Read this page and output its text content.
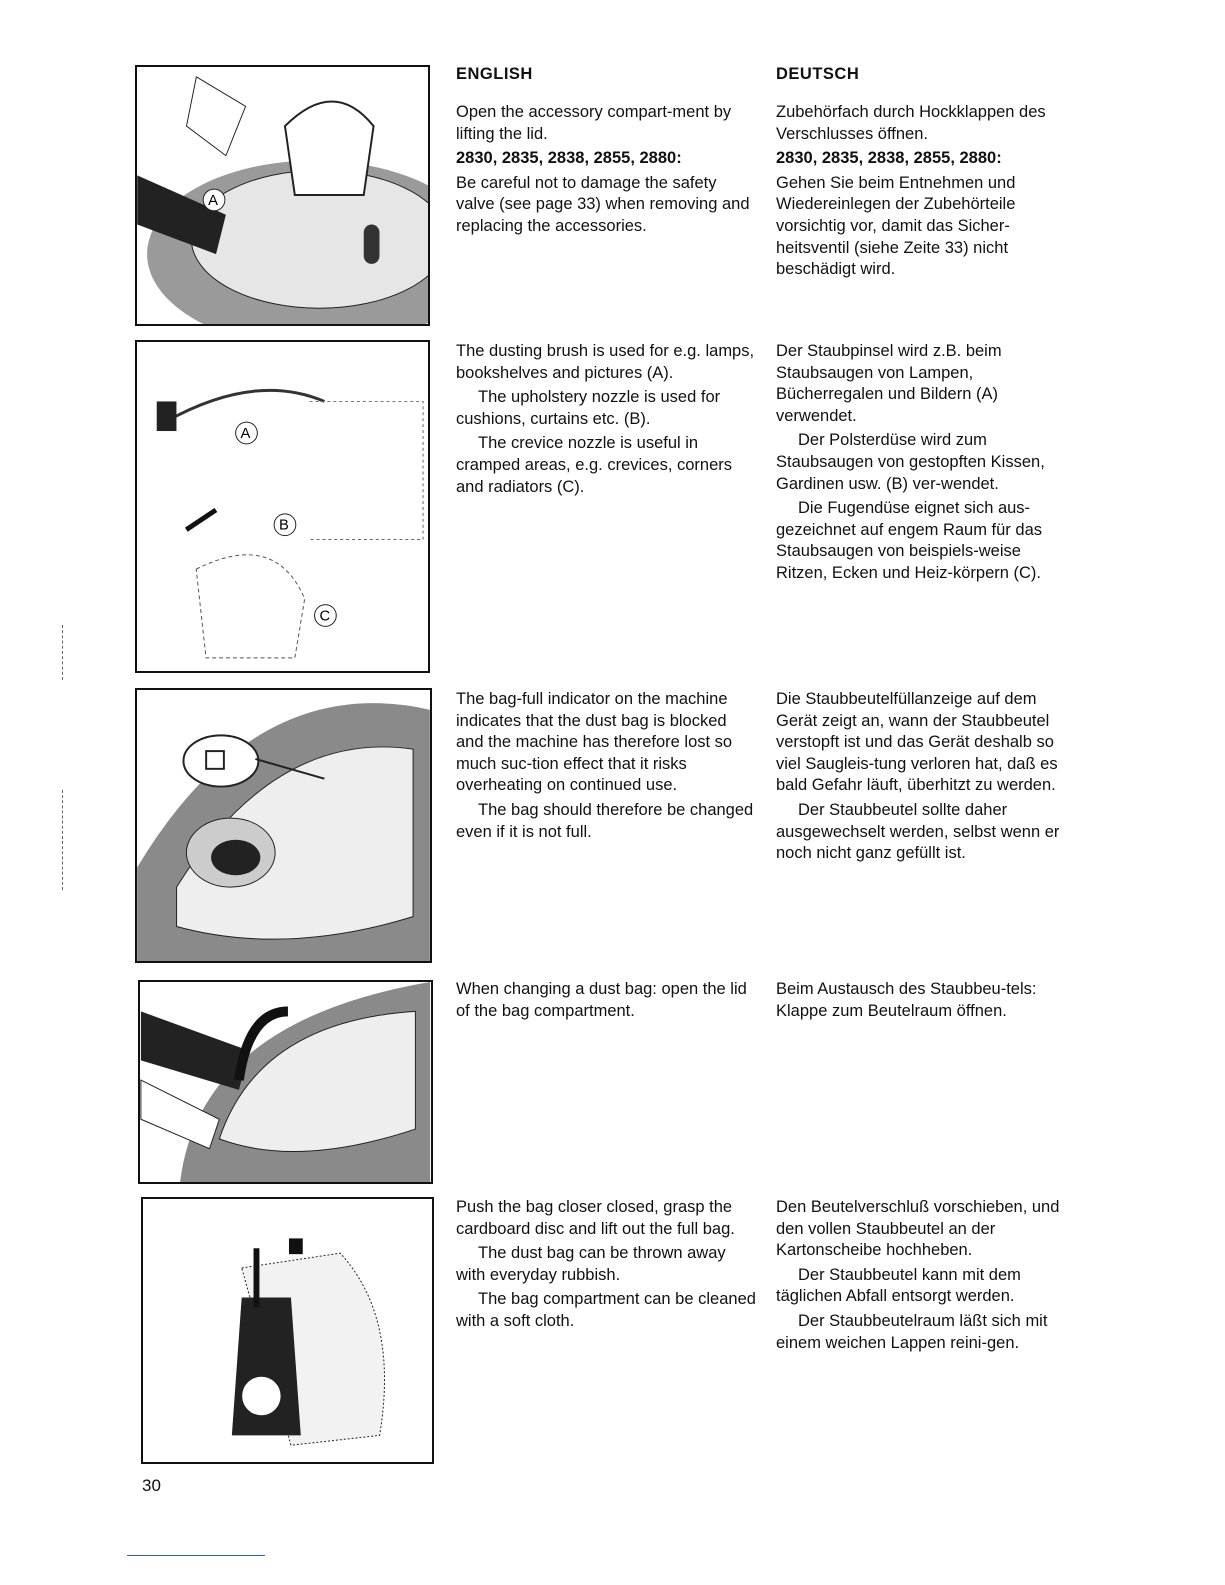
A
A
B
C
ENGLISH	DEUTSCH

Open the accessory compart-ment by lifting the lid.

2830, 2835, 2838, 2855, 2880:

Be careful not to damage the safety valve (see page 33) when removing and replacing the accessories.

Zubehörfach durch Hockklappen des Verschlusses öffnen.

2830, 2835, 2838, 2855, 2880:

Gehen Sie beim Entnehmen und Wiedereinlegen der Zubehörteile vorsichtig vor, damit das Sicher-heitsventil (siehe Zeite 33) nicht beschädigt wird.

The dusting brush is used for e.g. lamps, bookshelves and pictures (A).

The upholstery nozzle is used for cushions, curtains etc. (B).

The crevice nozzle is useful in cramped areas, e.g. crevices, corners and radiators (C).

Der Staubpinsel wird z.B. beim Staubsaugen von Lampen, Bücherregalen und Bildern (A) verwendet.

Der Polsterdüse wird zum Staubsaugen von gestopften Kissen, Gardinen usw. (B) ver-wendet.

Die Fugendüse eignet sich aus-gezeichnet auf engem Raum für das Staubsaugen von beispiels-weise Ritzen, Ecken und Heiz-körpern (C).

The bag-full indicator on the machine indicates that the dust bag is blocked and the machine has therefore lost so much suc-tion effect that it risks overheating on continued use.

The bag should therefore be changed even if it is not full.

Die Staubbeutelfüllanzeige auf dem Gerät zeigt an, wann der Staubbeutel verstopft ist und das Gerät deshalb so viel Saugleis-tung verloren hat, daß es bald Gefahr läuft, überhitzt zu werden.

Der Staubbeutel sollte daher ausgewechselt werden, selbst wenn er noch nicht ganz gefüllt ist.

When changing a dust bag: open the lid of the bag compartment.

Beim Austausch des Staubbeu-tels: Klappe zum Beutelraum öffnen.

Push the bag closer closed, grasp the cardboard disc and lift out the full bag.

The dust bag can be thrown away with everyday rubbish.

The bag compartment can be cleaned with a soft cloth.

Den Beutelverschluß vorschieben, und den vollen Staubbeutel an der Kartonscheibe hochheben.

Der Staubbeutel kann mit dem täglichen Abfall entsorgt werden.

Der Staubbeutelraum läßt sich mit einem weichen Lappen reini-gen.

30
